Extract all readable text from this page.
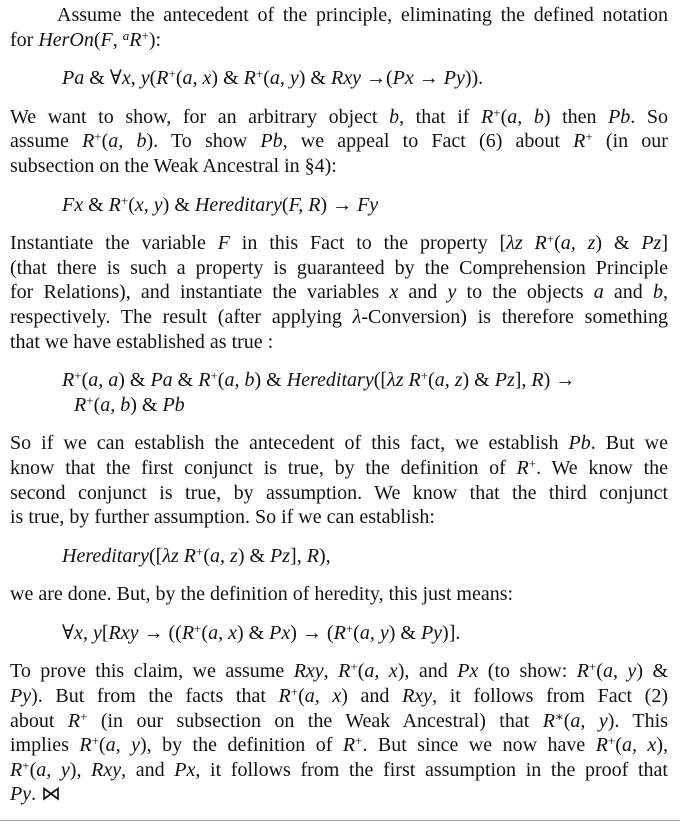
Assume the antecedent of the principle, eliminating the defined notation
for HerOn(F, $^a$R+):
Pa & ∀x, y(R+(a, x) & R+(a, y) & Rxy →(Px → Py)).
We want to show, for an arbitrary object b, that if R+(a, b) then Pb. So
assume R+(a, b). To show Pb, we appeal to Fact (6) about R+ (in our
subsection on the Weak Ancestral in §4):
Fx & R+(x, y) & Hereditary(F, R) → Fy
Instantiate the variable F in this Fact to the property [λz R+(a, z) & Pz]
(that there is such a property is guaranteed by the Comprehension Principle
for Relations), and instantiate the variables x and y to the objects a and b,
respectively. The result (after applying λ-Conversion) is therefore something
that we have established as true :
R+(a, a) & Pa & R+(a, b) & Hereditary([λz R+(a, z) & Pz], R) →
R+(a, b) & Pb
So if we can establish the antecedent of this fact, we establish Pb. But we
know that the first conjunct is true, by the definition of R+. We know the
second conjunct is true, by assumption. We know that the third conjunct
is true, by further assumption. So if we can establish:
Hereditary([λz R+(a, z) & Pz], R),
we are done. But, by the definition of heredity, this just means:
∀x, y[Rxy → ((R+(a, x) & Px) → (R+(a, y) & Py)].
To prove this claim, we assume Rxy, R+(a, x), and Px (to show: R+(a, y) &
Py). But from the facts that R+(a, x) and Rxy, it follows from Fact (2)
about R+ (in our subsection on the Weak Ancestral) that R∗(a, y). This
implies R+(a, y), by the definition of R+. But since we now have R+(a, x),
R+(a, y), Rxy, and Px, it follows from the first assumption in the proof that
Py. ⋈
